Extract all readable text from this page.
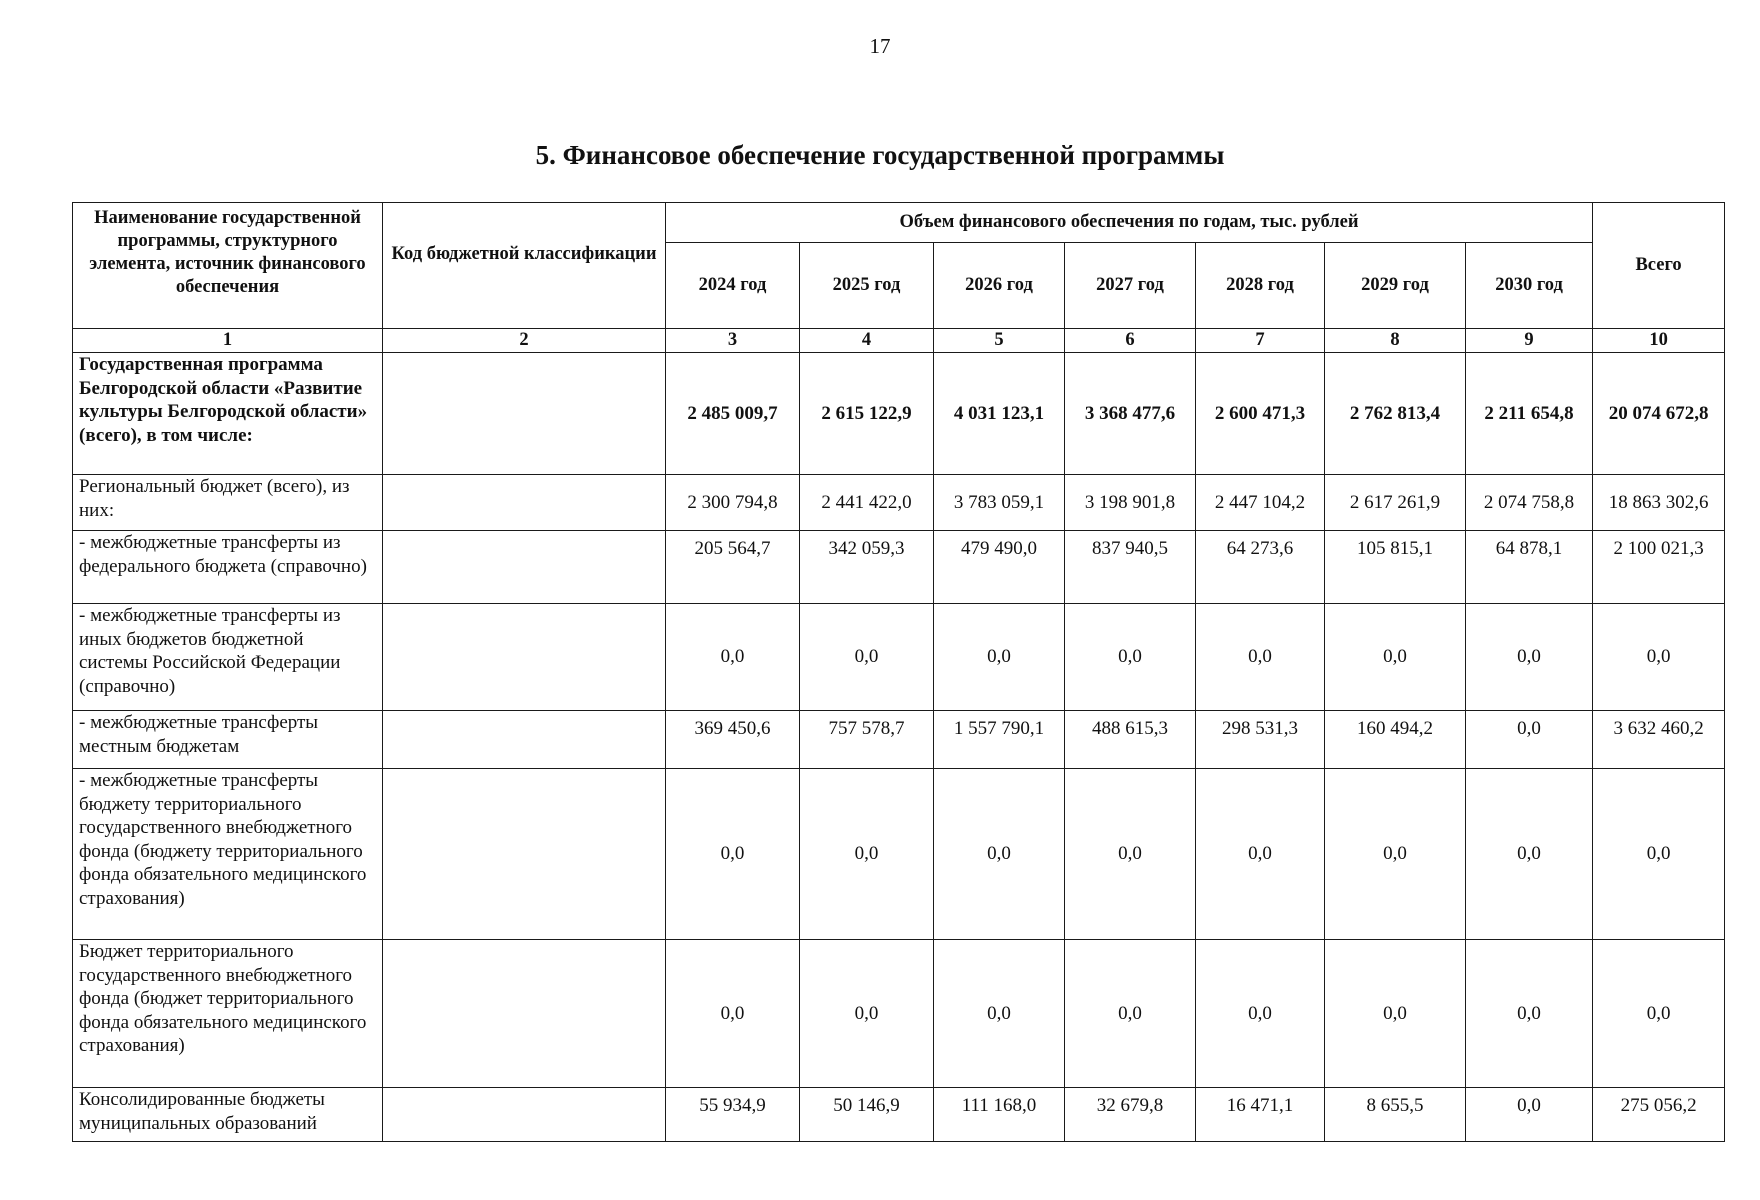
17
5. Финансовое обеспечение государственной программы
Наименование государственной программы, структурного элемента, источник финансового обеспечения	Код бюджетной классификации	Объем финансового обеспечения по годам, тыс. рублей							Всего
		2024 год	2025 год	2026 год	2027 год	2028 год	2029 год	2030 год	
1	2	3	4	5	6	7	8	9	10
Государственная программа Белгородской области «Развитие культуры Белгородской области» (всего), в том числе:		2 485 009,7	2 615 122,9	4 031 123,1	3 368 477,6	2 600 471,3	2 762 813,4	2 211 654,8	20 074 672,8
Региональный бюджет (всего), из них:		2 300 794,8	2 441 422,0	3 783 059,1	3 198 901,8	2 447 104,2	2 617 261,9	2 074 758,8	18 863 302,6
- межбюджетные трансферты из федерального бюджета (справочно)		205 564,7	342 059,3	479 490,0	837 940,5	64 273,6	105 815,1	64 878,1	2 100 021,3
- межбюджетные трансферты из иных бюджетов бюджетной системы Российской Федерации (справочно)		0,0	0,0	0,0	0,0	0,0	0,0	0,0	0,0
- межбюджетные трансферты местным бюджетам		369 450,6	757 578,7	1 557 790,1	488 615,3	298 531,3	160 494,2	0,0	3 632 460,2
- межбюджетные трансферты бюджету территориального государственного внебюджетного фонда (бюджету территориального фонда обязательного медицинского страхования)		0,0	0,0	0,0	0,0	0,0	0,0	0,0	0,0
Бюджет территориального государственного внебюджетного фонда (бюджет территориального фонда обязательного медицинского страхования)		0,0	0,0	0,0	0,0	0,0	0,0	0,0	0,0
Консолидированные бюджеты муниципальных образований		55 934,9	50 146,9	111 168,0	32 679,8	16 471,1	8 655,5	0,0	275 056,2
